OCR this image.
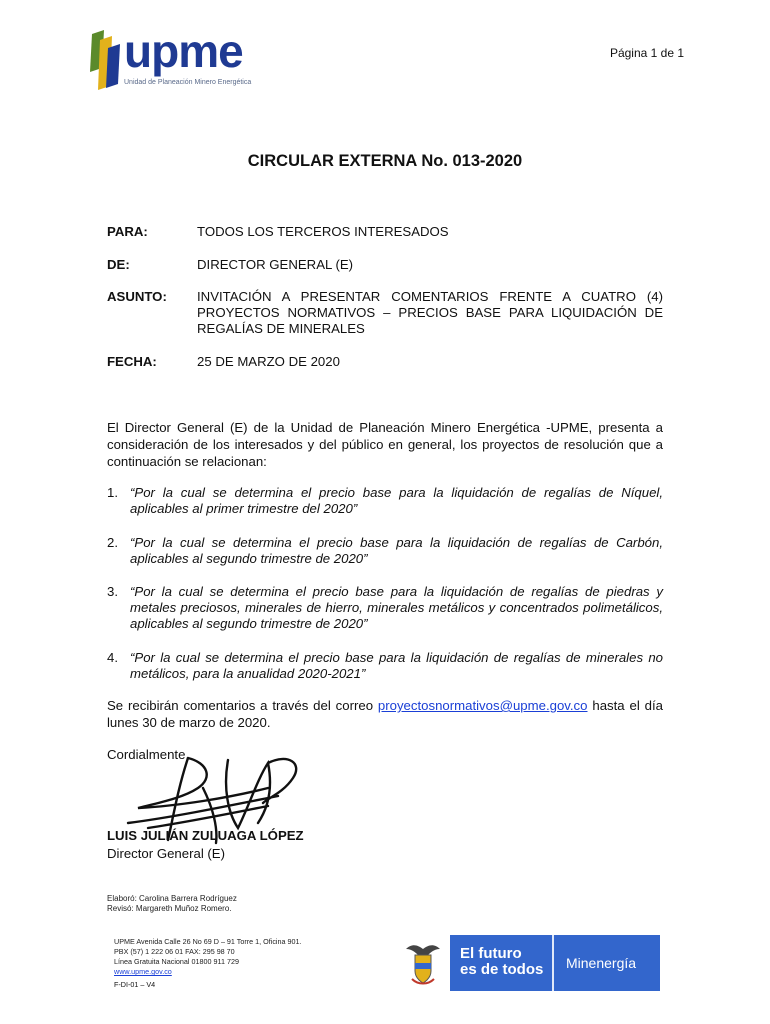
upme
Unidad de Planeación Minero Energética
Página 1 de 1
CIRCULAR EXTERNA No. 013-2020
PARA:	TODOS LOS TERCEROS INTERESADOS
DE:	DIRECTOR GENERAL (E)
ASUNTO: INVITACIÓN A PRESENTAR COMENTARIOS FRENTE A CUATRO (4) PROYECTOS NORMATIVOS – PRECIOS BASE PARA LIQUIDACIÓN DE REGALÍAS DE MINERALES
FECHA:	25 DE MARZO DE 2020
El Director General (E) de la Unidad de Planeación Minero Energética -UPME, presenta a consideración de los interesados y del público en general, los proyectos de resolución que a continuación se relacionan:
1. “Por la cual se determina el precio base para la liquidación de regalías de Níquel, aplicables al primer trimestre del 2020”
2. “Por la cual se determina el precio base para la liquidación de regalías de Carbón, aplicables al segundo trimestre de 2020”
3. “Por la cual se determina el precio base para la liquidación de regalías de piedras y metales preciosos, minerales de hierro, minerales metálicos y concentrados polimetálicos, aplicables al segundo trimestre de 2020”
4. “Por la cual se determina el precio base para la liquidación de regalías de minerales no metálicos, para la anualidad 2020-2021”
Se recibirán comentarios a través del correo proyectosnormativos@upme.gov.co hasta el día lunes 30 de marzo de 2020.
Cordialmente,
LUIS JULIÁN ZULUAGA LÓPEZ
Director General (E)
Elaboró: Carolina Barrera Rodríguez
Revisó: Margareth Muñoz Romero.
UPME Avenida Calle 26 No 69 D – 91 Torre 1, Oficina 901.
PBX (57) 1 222 06 01 FAX: 295 98 70
Línea Gratuita Nacional 01800 911 729
www.upme.gov.co
F-DI-01 – V4
El futuro
es de todos Minenergía
